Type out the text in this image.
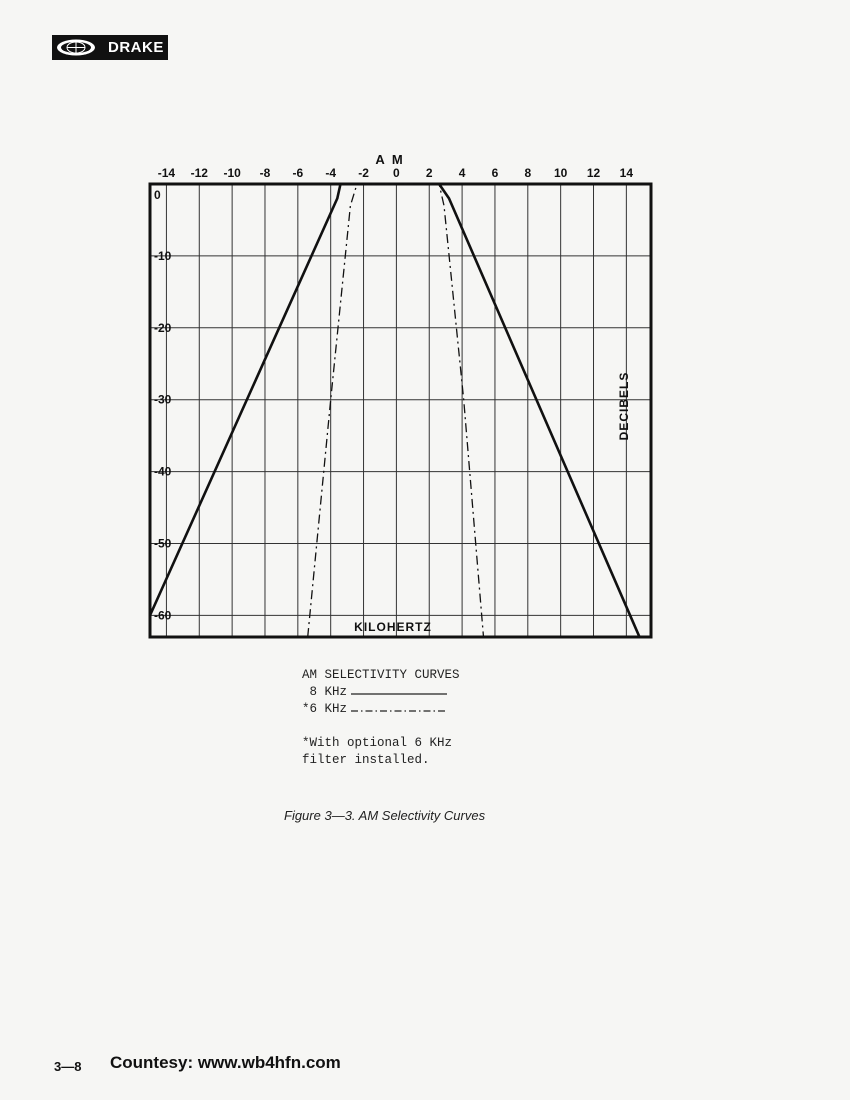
DRAKE
-14 -12 -10 -8 -6 -4 -2 0 2 4 6 8 10 12 14
0
-10
-20
-30
-40
-50
-60
A M
KILOHERTZ
DECIBELS
AM SELECTIVITY CURVES
8 KHz
*6 KHz
*With optional 6 KHz
filter installed.
Figure 3—3. AM Selectivity Curves
3—8 Countesy: www.wb4hfn.com
